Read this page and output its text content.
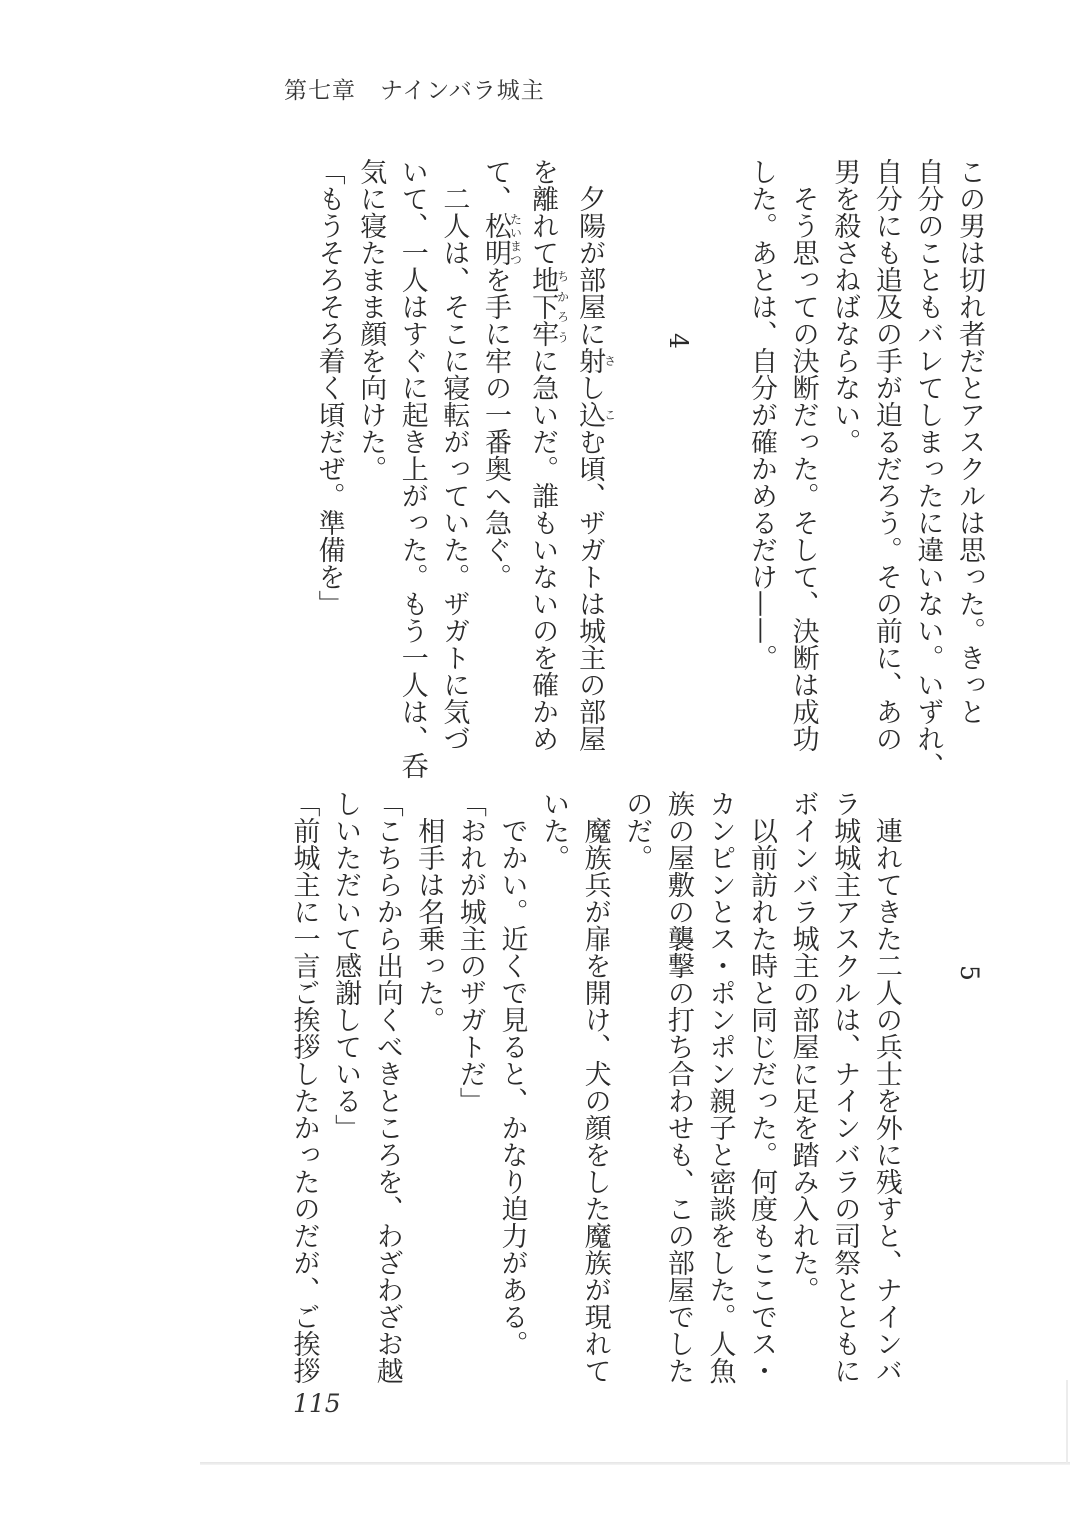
第七章　ナインバラ城主
この男は切れ者だとアスクルは思った。きっと
自分のこともバレてしまったに違いない。いずれ、
自分にも追及の手が迫るだろう。その前に、あの
男を殺さねばならない。
　そう思っての決断だった。そして、決断は成功
した。あとは、自分が確かめるだけ——。
4
　夕陽が部屋に射さし込こむ頃、ザガトは城主の部屋
を離れて地下牢ちかろうに急いだ。誰もいないのを確かめ
て、松明たいまつを手に牢の一番奥へ急ぐ。
　二人は、そこに寝転がっていた。ザガトに気づ
いて、一人はすぐに起き上がった。もう一人は、呑
気に寝たまま顔を向けた。
「もうそろそろ着く頃だぜ。準備を」
5
　連れてきた二人の兵士を外に残すと、ナインバ
ラ城城主アスクルは、ナインバラの司祭とともに
ボインバラ城主の部屋に足を踏み入れた。
　以前訪れた時と同じだった。何度もここでス・
カンピンとス・ポンポン親子と密談をした。人魚
族の屋敷の襲撃の打ち合わせも、この部屋でした
のだ。
　魔族兵が扉を開け、犬の顔をした魔族が現れて
いた。
　でかい。近くで見ると、かなり迫力がある。
「おれが城主のザガトだ」
　相手は名乗った。
「こちらから出向くべきところを、わざわざお越
しいただいて感謝している」
「前城主に一言ご挨拶したかったのだが、ご挨拶
115
